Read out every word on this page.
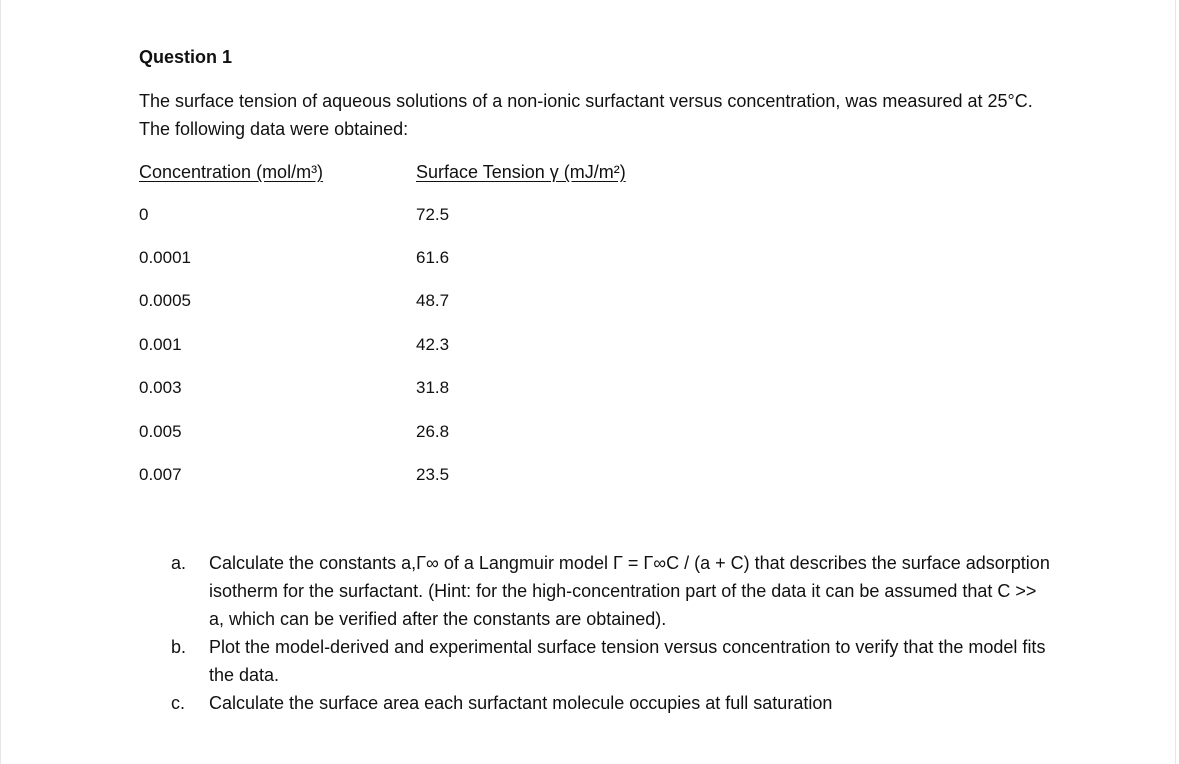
Question 1
The surface tension of aqueous solutions of a non-ionic surfactant versus concentration, was measured at 25°C. The following data were obtained:
Concentration (mol/m³)	Surface Tension γ (mJ/m²)
0	72.5
0.0001	61.6
0.0005	48.7
0.001	42.3
0.003	31.8
0.005	26.8
0.007	23.5
a.	Calculate the constants a,Γ∞ of a Langmuir model Γ = Γ∞C / (a + C) that describes the surface adsorption isotherm for the surfactant. (Hint: for the high-concentration part of the data it can be assumed that C >> a, which can be verified after the constants are obtained).
b.	Plot the model-derived and experimental surface tension versus concentration to verify that the model fits the data.
c.	Calculate the surface area each surfactant molecule occupies at full saturation
